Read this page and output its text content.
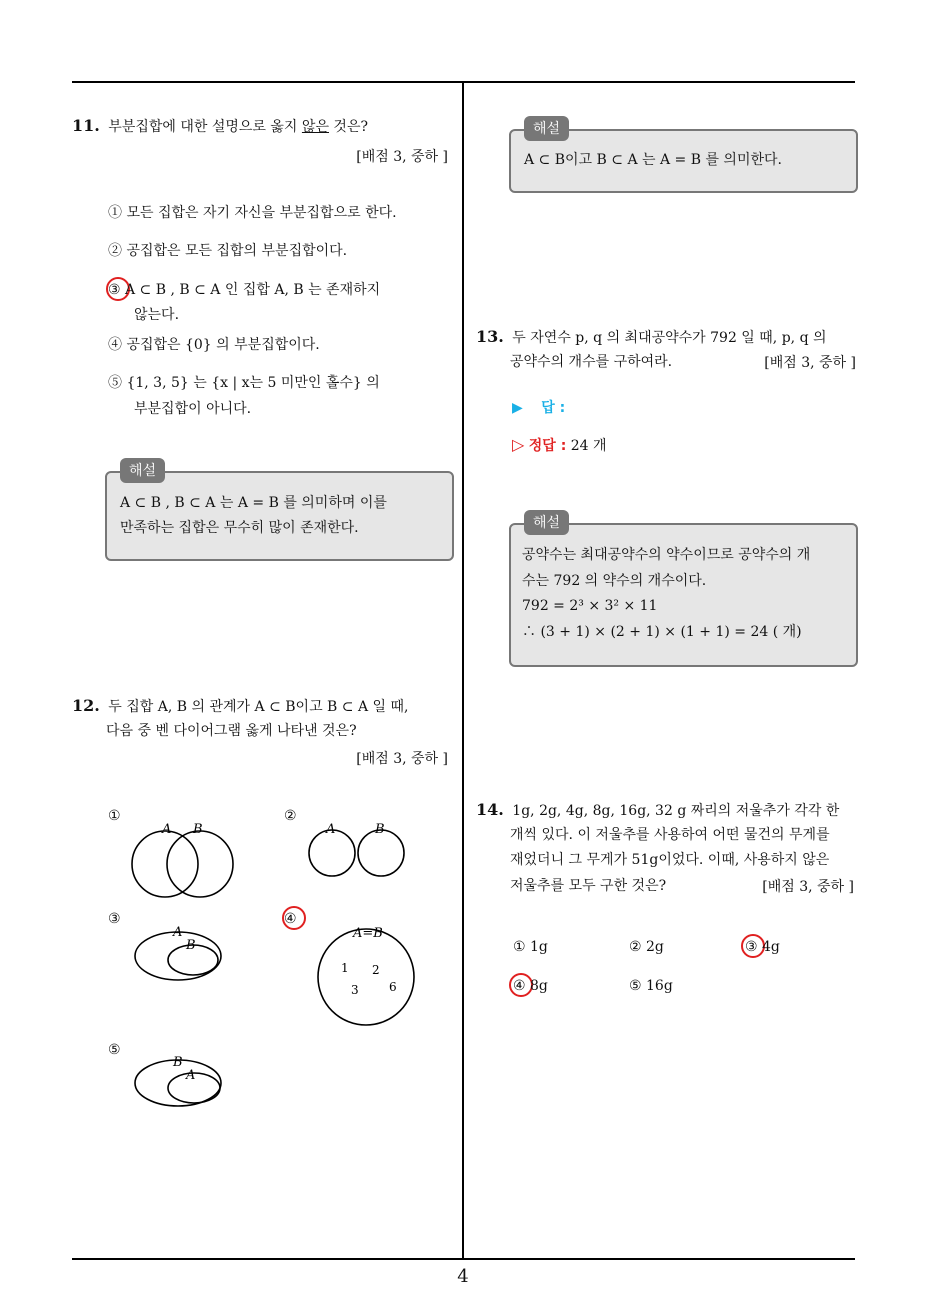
11. 부분집합에 대한 설명으로 옳지 않은 것은?
[배점 3, 중하 ]
① 모든 집합은 자기 자신을 부분집합으로 한다.
② 공집합은 모든 집합의 부분집합이다.
③ A ⊂ B , B ⊂ A 인 집합 A, B 는 존재하지
않는다.
④ 공집합은 {0} 의 부분집합이다.
⑤ {1, 3, 5} 는 {x | x는 5 미만인 홀수} 의
부분집합이 아니다.
해설
A ⊂ B , B ⊂ A 는 A = B 를 의미하며 이를
만족하는 집합은 무수히 많이 존재한다.
12. 두 집합 A, B 의 관계가 A ⊂ B이고 B ⊂ A 일 때,
다음 중 벤 다이어그램 옳게 나타낸 것은?
[배점 3, 중하 ]
①	②
③	④
⑤
A B	A	B
A
B
A=B
1 2
3	6
B
A
해설
A ⊂ B이고 B ⊂ A 는 A = B 를 의미한다.
13. 두 자연수 p, q 의 최대공약수가 792 일 때, p, q 의
공약수의 개수를 구하여라.	[배점 3, 중하 ]
▶ 답 :
▷ 정답 : 24 개
해설
공약수는 최대공약수의 약수이므로 공약수의 개
수는 792 의 약수의 개수이다.
792 = 2³ × 3² × 11
∴ (3 + 1) × (2 + 1) × (1 + 1) = 24 ( 개)
14. 1g, 2g, 4g, 8g, 16g, 32 g 짜리의 저울추가 각각 한
개씩 있다. 이 저울추를 사용하여 어떤 물건의 무게를
재었더니 그 무게가 51g이었다. 이때, 사용하지 않은
저울추를 모두 구한 것은?	[배점 3, 중하 ]
① 1g	② 2g	③ 4g
④ 8g	⑤ 16g
4
